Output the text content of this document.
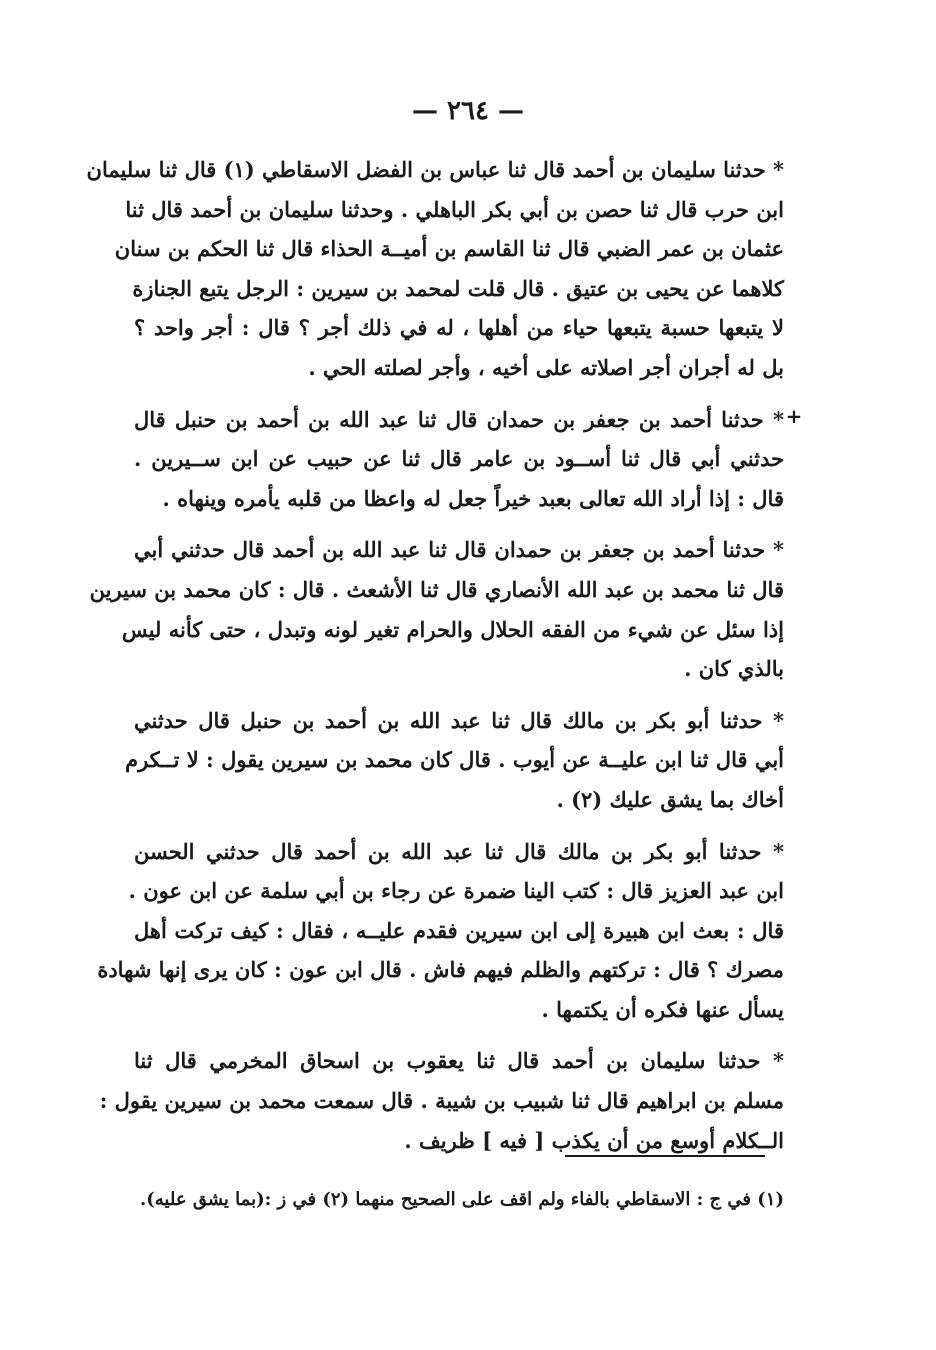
— ٢٦٤ —
+
* حدثنا سليمان بن أحمد قال ثنا عباس بن الفضل الاسقاطي (١) قال ثنا سليمان
ابن حرب قال ثنا حصن بن أبي بكر الباهلي . وحدثنا سليمان بن أحمد قال ثنا
عثمان بن عمر الضبي قال ثنا القاسم بن أميــة الحذاء قال ثنا الحكم بن سنان
كلاهما عن يحيى بن عتيق . قال قلت لمحمد بن سيرين : الرجل يتبع الجنازة
لا يتبعها حسبة يتبعها حياء من أهلها ، له في ذلك أجر ؟ قال : أجر واحد ؟
بل له أجران أجر اصلاته على أخيه ، وأجر لصلته الحي .
* حدثنا أحمد بن جعفر بن حمدان قال ثنا عبد الله بن أحمد بن حنبل قال
حدثني أبي قال ثنا أســود بن عامر قال ثنا عن حبيب عن ابن ســيرين .
قال : إذا أراد الله تعالى بعبد خيراً جعل له واعظا من قلبه يأمره وينهاه .
* حدثنا أحمد بن جعفر بن حمدان قال ثنا عبد الله بن أحمد قال حدثني أبي
قال ثنا محمد بن عبد الله الأنصاري قال ثنا الأشعث . قال : كان محمد بن سيرين
إذا سئل عن شيء من الفقه الحلال والحرام تغير لونه وتبدل ، حتى كأنه ليس
بالذي كان .
* حدثنا أبو بكر بن مالك قال ثنا عبد الله بن أحمد بن حنبل قال حدثني
أبي قال ثنا ابن عليــة عن أيوب . قال كان محمد بن سيرين يقول : لا تــكرم
أخاك بما يشق عليك (٢) .
* حدثنا أبو بكر بن مالك قال ثنا عبد الله بن أحمد قال حدثني الحسن
ابن عبد العزيز قال : كتب الينا ضمرة عن رجاء بن أبي سلمة عن ابن عون .
قال : بعث ابن هبيرة إلى ابن سيرين فقدم عليــه ، فقال : كيف تركت أهل
مصرك ؟ قال : تركتهم والظلم فيهم فاش . قال ابن عون : كان يرى إنها شهادة
يسأل عنها فكره أن يكتمها .
* حدثنا سليمان بن أحمد قال ثنا يعقوب بن اسحاق المخرمي قال ثنا
مسلم بن ابراهيم قال ثنا شبيب بن شيبة . قال سمعت محمد بن سيرين يقول :
الــكلام أوسع من أن يكذب [ فيه ] ظريف .
(١) في ج : الاسقاطي بالفاء ولم اقف على الصحيح منهما (٢) في ز :(بما يشق عليه).
